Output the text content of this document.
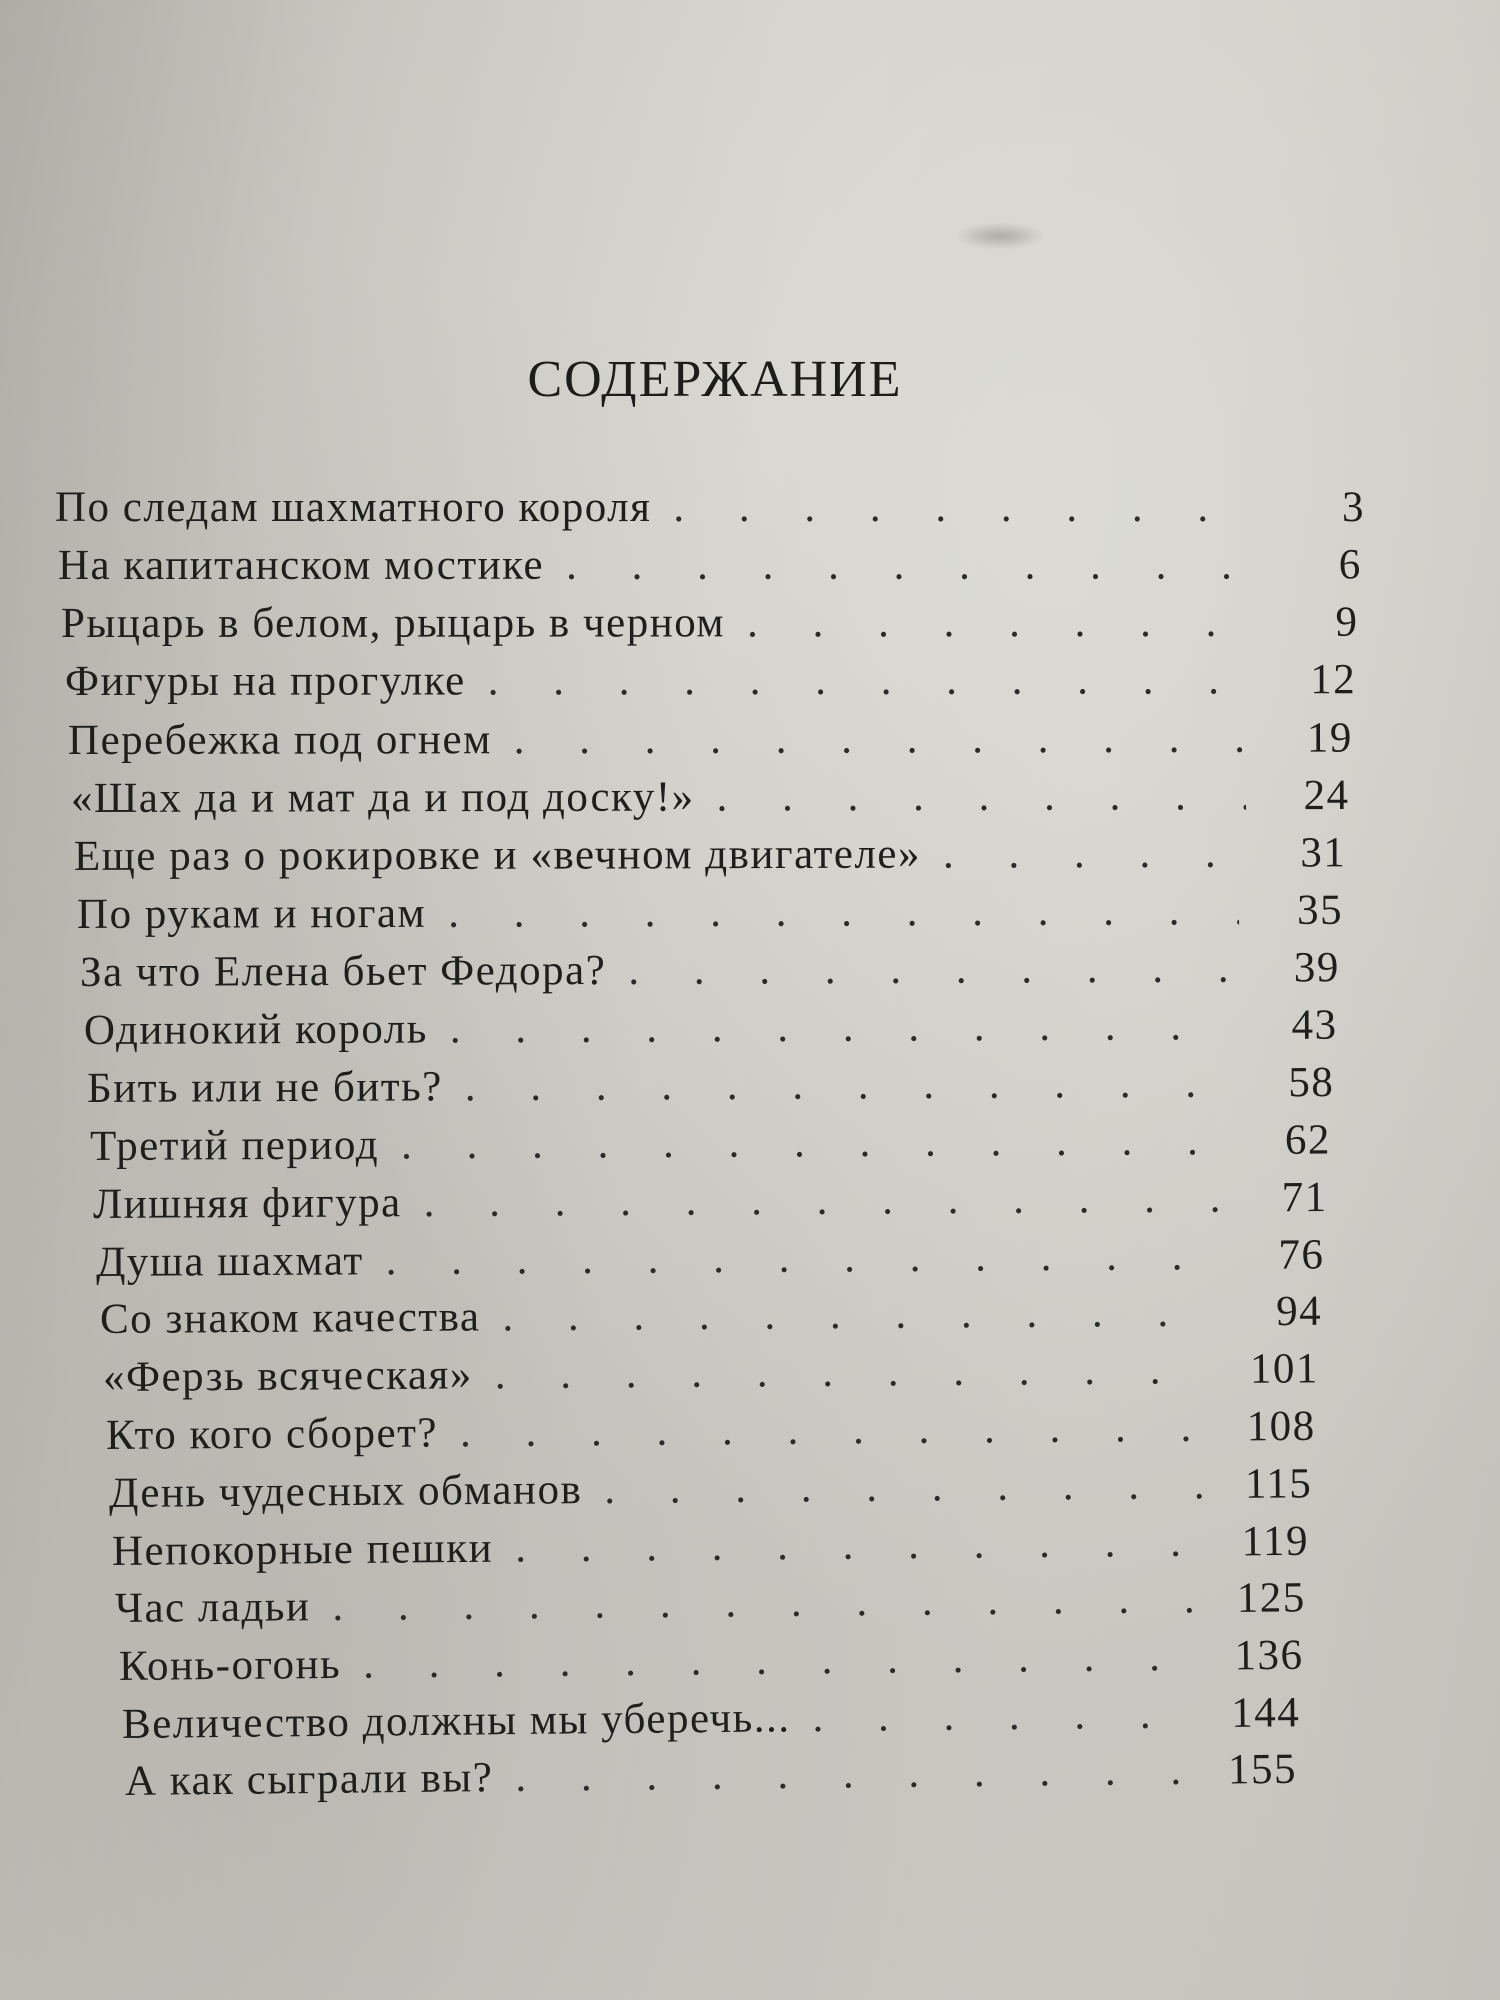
СОДЕРЖАНИЕ
По следам шахматного короля . . .	3
На капитанском мостике . . .	6
Рыцарь в белом, рыцарь в черном . . .	9
Фигуры на прогулке . . .	12
Перебежка под огнем . . .	19
«Шах да и мат да и под доску!» . . .	24
Еще раз о рокировке и «вечном двигателе» . . .	31
По рукам и ногам . . .	35
За что Елена бьет Федора? . . .	39
Одинокий король . . .	43
Бить или не бить? . . .	58
Третий период . . .	62
Лишняя фигура . . .	71
Душа шахмат . . .	76
Со знаком качества . . .	94
«Ферзь всяческая» . . .	101
Кто кого сборет? . . .	108
День чудесных обманов . . .	115
Непокорные пешки . . .	119
Час ладьи . . .	125
Конь-огонь . . .	136
Величество должны мы уберечь... . . .	144
А как сыграли вы? . . .	155
